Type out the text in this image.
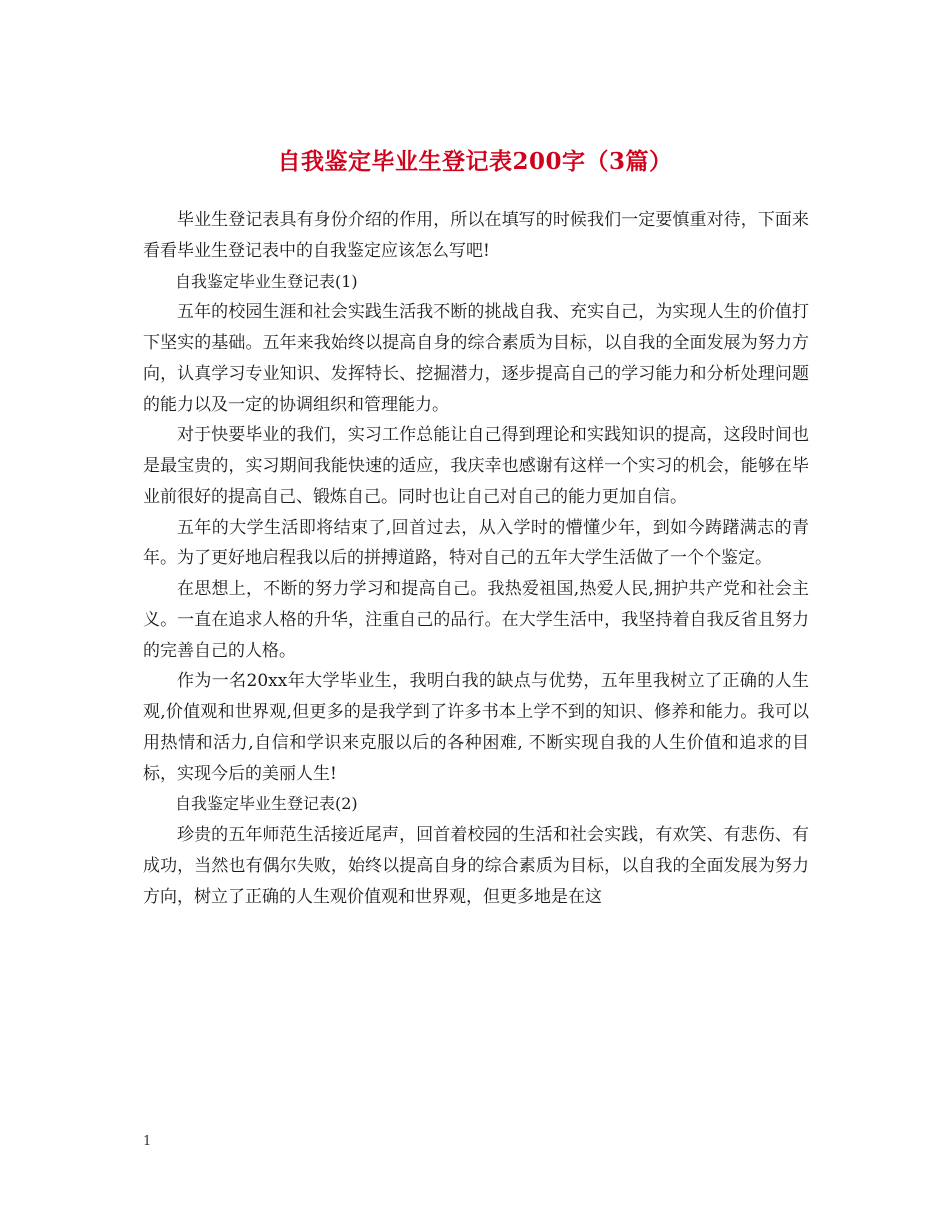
自我鉴定毕业生登记表200字（3篇）

毕业生登记表具有身份介绍的作用，所以在填写的时候我们一定要慎重对待，下面来看看毕业生登记表中的自我鉴定应该怎么写吧!

自我鉴定毕业生登记表(1)

五年的校园生涯和社会实践生活我不断的挑战自我、充实自己，为实现人生的价值打下坚实的基础。五年来我始终以提高自身的综合素质为目标，以自我的全面发展为努力方向，认真学习专业知识、发挥特长、挖掘潜力，逐步提高自己的学习能力和分析处理问题的能力以及一定的协调组织和管理能力。

对于快要毕业的我们，实习工作总能让自己得到理论和实践知识的提高，这段时间也是最宝贵的，实习期间我能快速的适应，我庆幸也感谢有这样一个实习的机会，能够在毕业前很好的提高自己、锻炼自己。同时也让自己对自己的能力更加自信。

五年的大学生活即将结束了,回首过去，从入学时的懵懂少年，到如今踌躇满志的青年。为了更好地启程我以后的拼搏道路，特对自己的五年大学生活做了一个个鉴定。

在思想上，不断的努力学习和提高自己。我热爱祖国,热爱人民,拥护共产党和社会主义。一直在追求人格的升华，注重自己的品行。在大学生活中，我坚持着自我反省且努力的完善自己的人格。

作为一名20xx年大学毕业生，我明白我的缺点与优势，五年里我树立了正确的人生观,价值观和世界观,但更多的是我学到了许多书本上学不到的知识、修养和能力。我可以用热情和活力,自信和学识来克服以后的各种困难, 不断实现自我的人生价值和追求的目标，实现今后的美丽人生!

自我鉴定毕业生登记表(2)

珍贵的五年师范生活接近尾声，回首着校园的生活和社会实践，有欢笑、有悲伤、有成功，当然也有偶尔失败，始终以提高自身的综合素质为目标，以自我的全面发展为努力方向，树立了正确的人生观价值观和世界观，但更多地是在这

1
